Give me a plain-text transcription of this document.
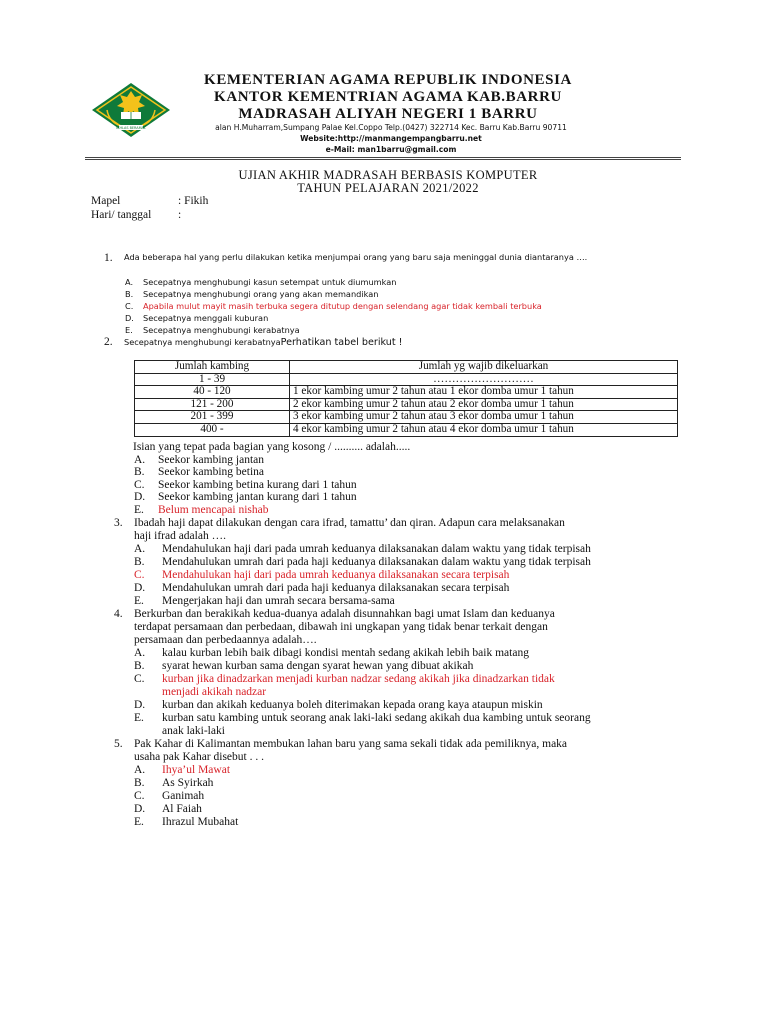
IKHLAS BERAMAL
KEMENTERIAN AGAMA REPUBLIK INDONESIA
KANTOR KEMENTRIAN AGAMA KAB.BARRU
MADRASAH ALIYAH NEGERI 1 BARRU
alan H.Muharram,Sumpang Palae Kel.Coppo Telp.(0427) 322714 Kec. Barru Kab.Barru 90711
Website:http://manmangempangbarru.net
e-Mail: man1barru@gmail.com
UJIAN AKHIR MADRASAH BERBASIS KOMPUTER
TAHUN PELAJARAN 2021/2022
Mapel	: Fikih
Hari/ tanggal :
1. Ada beberapa hal yang perlu dilakukan ketika menjumpai orang yang baru saja meninggal dunia diantaranya ….
A. Secepatnya menghubungi kasun setempat untuk diumumkan
B. Secepatnya menghubungi orang yang akan memandikan
C. Apabila mulut mayit masih terbuka segera ditutup dengan selendang agar tidak kembali terbuka
D. Secepatnya menggali kuburan
E. Secepatnya menghubungi kerabatnya
2. Secepatnya menghubungi kerabatnyaPerhatikan tabel berikut !
Jumlah kambing	Jumlah yg wajib dikeluarkan
1 - 39	………………………
40 - 120	1 ekor kambing umur 2 tahun atau 1 ekor domba umur 1 tahun
121 - 200	2 ekor kambing umur 2 tahun atau 2 ekor domba umur 1 tahun
201 - 399	3 ekor kambing umur 2 tahun atau 3 ekor domba umur 1 tahun
400 -	4 ekor kambing umur 2 tahun atau 4 ekor domba umur 1 tahun
Isian yang tepat pada bagian yang kosong / .......... adalah.....
A. Seekor kambing jantan
B. Seekor kambing betina
C. Seekor kambing betina kurang dari 1 tahun
D. Seekor kambing jantan kurang dari 1 tahun
E. Belum mencapai nishab
3. Ibadah haji dapat dilakukan dengan cara ifrad, tamattu’ dan qiran. Adapun cara melaksanakan
haji ifrad adalah ….
A. Mendahulukan haji dari pada umrah keduanya dilaksanakan dalam waktu yang tidak terpisah
B. Mendahulukan umrah dari pada haji keduanya dilaksanakan dalam waktu yang tidak terpisah
C. Mendahulukan haji dari pada umrah keduanya dilaksanakan secara terpisah
D. Mendahulukan umrah dari pada haji keduanya dilaksanakan secara terpisah
E. Mengerjakan haji dan umrah secara bersama-sama
4. Berkurban dan berakikah kedua-duanya adalah disunnahkan bagi umat Islam dan keduanya
terdapat persamaan dan perbedaan, dibawah ini ungkapan yang tidak benar terkait dengan
persamaan dan perbedaannya adalah….
A. kalau kurban lebih baik dibagi kondisi mentah sedang akikah lebih baik matang
B. syarat hewan kurban sama dengan syarat hewan yang dibuat akikah
C. kurban jika dinadzarkan menjadi kurban nadzar sedang akikah jika dinadzarkan tidak
menjadi akikah nadzar
D. kurban dan akikah keduanya boleh diterimakan kepada orang kaya ataupun miskin
E. kurban satu kambing untuk seorang anak laki-laki sedang akikah dua kambing untuk seorang
anak laki-laki
5. Pak Kahar di Kalimantan membukan lahan baru yang sama sekali tidak ada pemiliknya, maka
usaha pak Kahar disebut . . .
A. Ihya’ul Mawat
B. As Syirkah
C. Ganimah
D. Al Faiah
E. Ihrazul Mubahat
